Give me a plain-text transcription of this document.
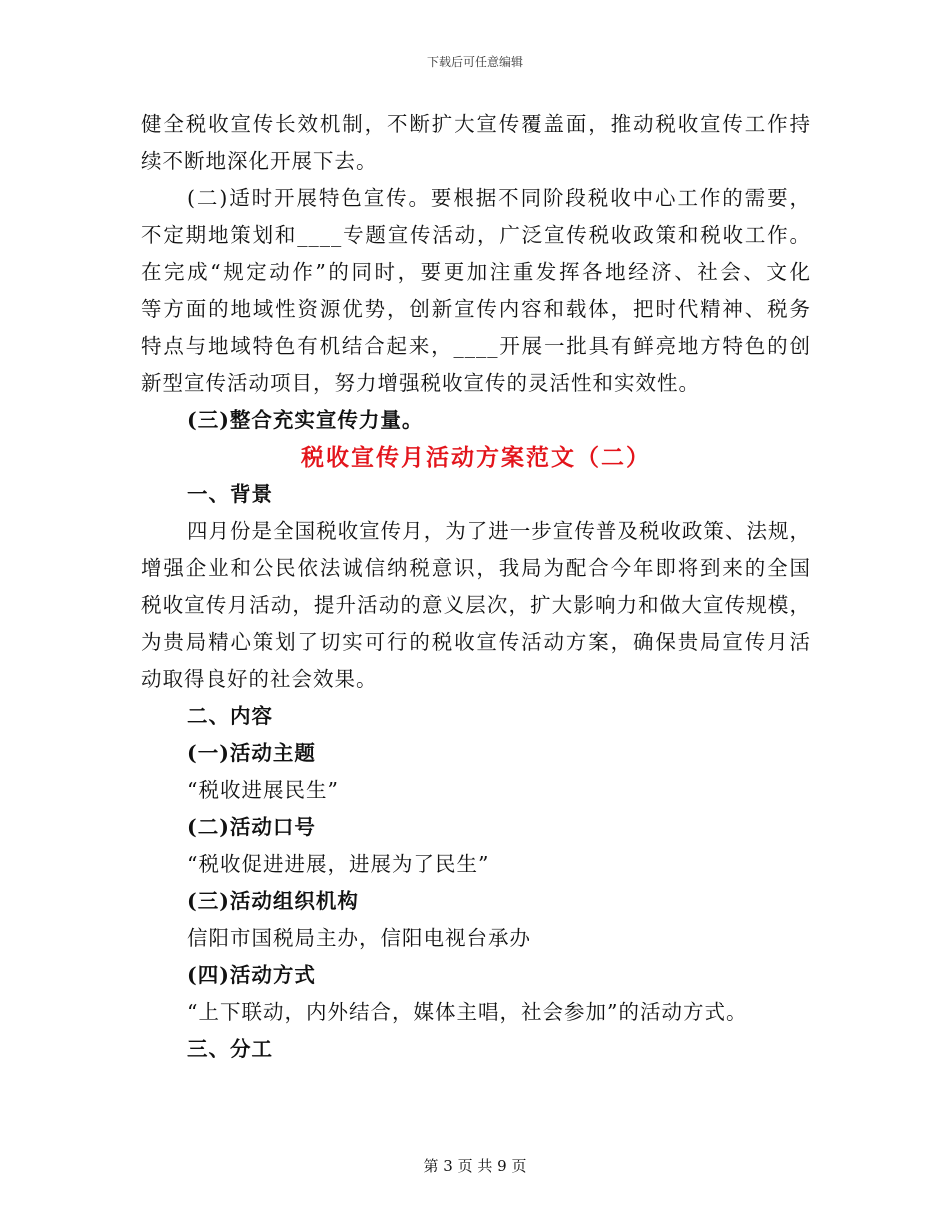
下载后可任意编辑
健全税收宣传长效机制，不断扩大宣传覆盖面，推动税收宣传工作持
续不断地深化开展下去。
(二)适时开展特色宣传。要根据不同阶段税收中心工作的需要，
不定期地策划和____专题宣传活动，广泛宣传税收政策和税收工作。
在完成“规定动作”的同时，要更加注重发挥各地经济、社会、文化
等方面的地域性资源优势，创新宣传内容和载体，把时代精神、税务
特点与地域特色有机结合起来，____开展一批具有鲜亮地方特色的创
新型宣传活动项目，努力增强税收宣传的灵活性和实效性。
(三)整合充实宣传力量。
税收宣传月活动方案范文（二）
一、背景
四月份是全国税收宣传月，为了进一步宣传普及税收政策、法规，
增强企业和公民依法诚信纳税意识，我局为配合今年即将到来的全国
税收宣传月活动，提升活动的意义层次，扩大影响力和做大宣传规模，
为贵局精心策划了切实可行的税收宣传活动方案，确保贵局宣传月活
动取得良好的社会效果。
二、内容
(一)活动主题
“税收进展民生”
(二)活动口号
“税收促进进展，进展为了民生”
(三)活动组织机构
信阳市国税局主办，信阳电视台承办
(四)活动方式
“上下联动，内外结合，媒体主唱，社会参加”的活动方式。
三、分工
第 3 页 共 9 页
